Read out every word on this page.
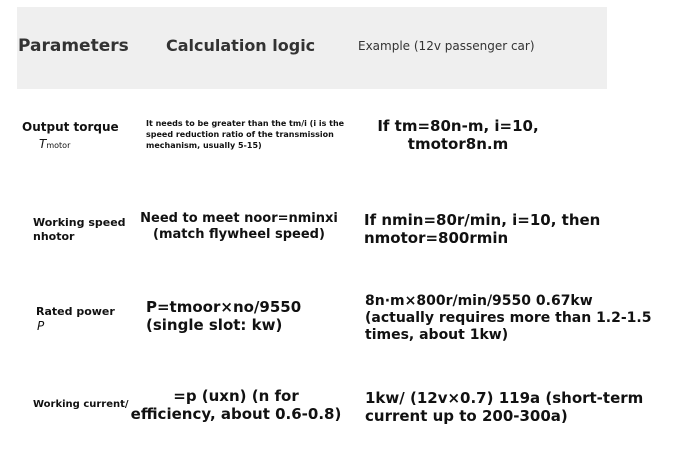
Parameters Calculation logic	Example (12v passenger car)
Output torque
Tmotor
It needs to be greater than the tm/i (i is the speed reduction ratio of the transmission mechanism, usually 5-15)
If tm=80n-m, i=10, tmotor8n.m
Working speed nhotor
Need to meet noor=nminxi (match flywheel speed)
If nmin=80r/min, i=10, then nmotor=800rmin
Rated power
P
P=tmoor×no/9550 (single slot: kw)
8n·m×800r/min/9550 0.67kw (actually requires more than 1.2-1.5 times, about 1kw)
Working current/	=p (uxn) (n for efficiency, about 0.6-0.8)
1kw/ (12v×0.7) 119a (short-term current up to 200-300a)
